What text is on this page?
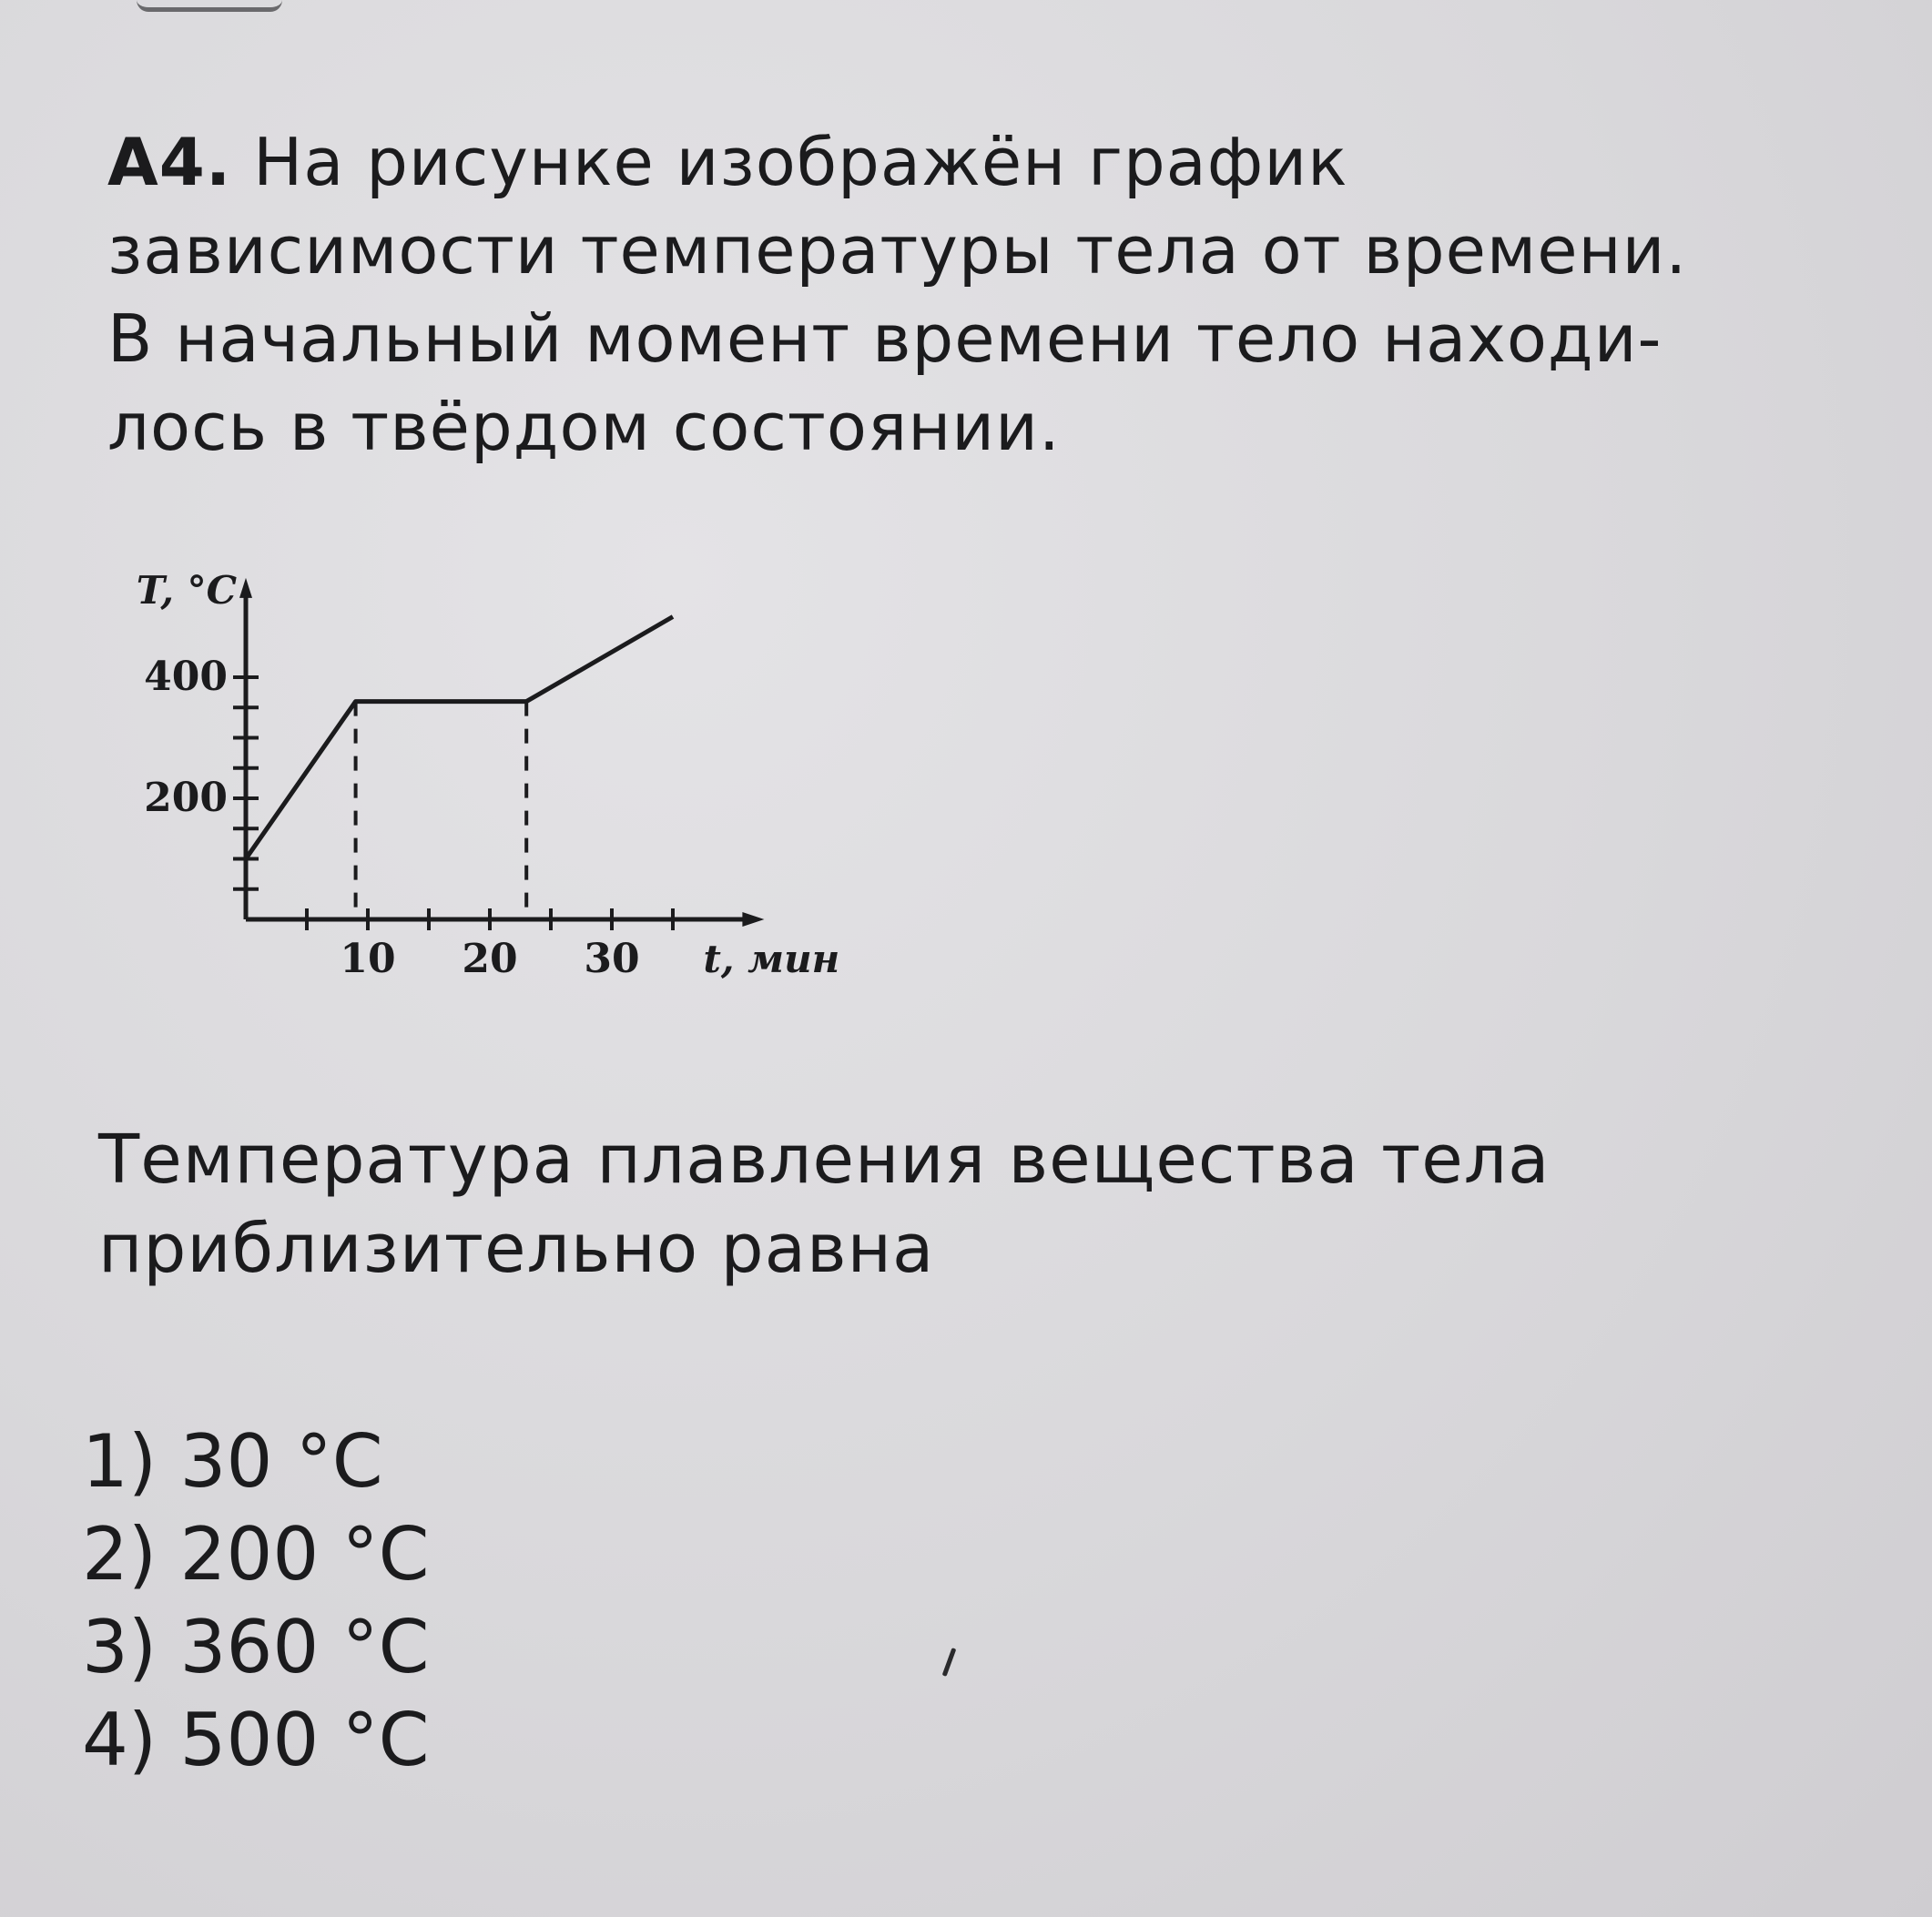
А4. На рисунке изображён график
зависимости температуры тела от времени.
В начальный момент времени тело находи-
лось в твёрдом состоянии.
200
400
10 20 30
T, °C
t, мин
Температура плавления вещества тела
приблизительно равна
1) 30 °С
2) 200 °С
3) 360 °С
4) 500 °С
